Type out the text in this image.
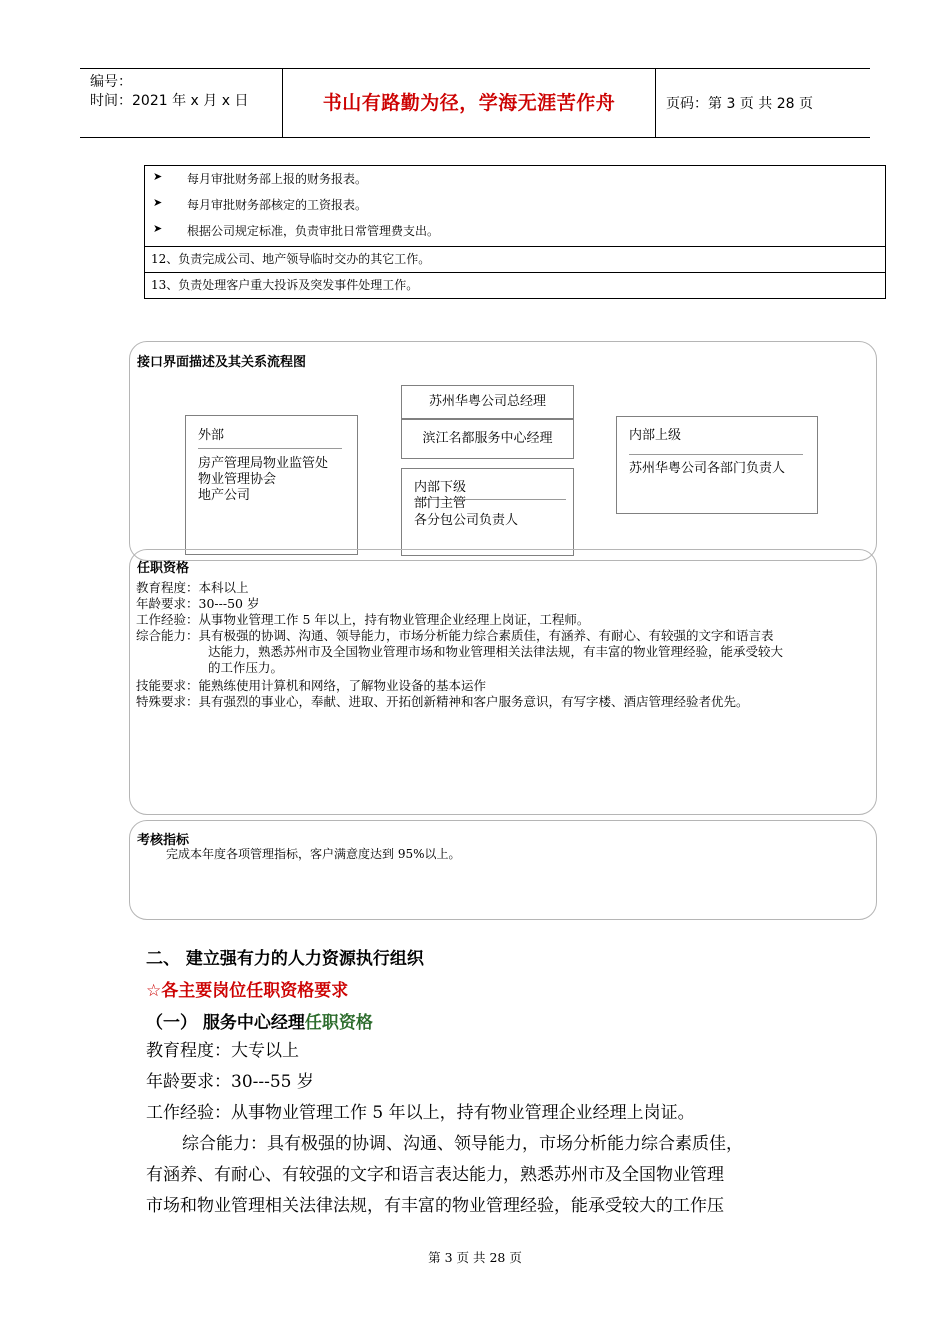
编号：
时间：2021 年 x 月 x 日	书山有路勤为径，学海无涯苦作舟	页码：第 3 页 共 28 页
➤ 每月审批财务部上报的财务报表。
➤ 每月审批财务部核定的工资报表。
➤ 根据公司规定标准，负责审批日常管理费支出。
12、负责完成公司、地产领导临时交办的其它工作。
13、负责处理客户重大投诉及突发事件处理工作。
接口界面描述及其关系流程图
外部
房产管理局物业监管处
物业管理协会
地产公司
苏州华粤公司总经理
滨江名都服务中心经理
内部下级
部门主管
各分包公司负责人
内部上级
苏州华粤公司各部门负责人
任职资格
教育程度：本科以上
年龄要求：30---50 岁
工作经验：从事物业管理工作 5 年以上，持有物业管理企业经理上岗证，工程师。
综合能力：具有极强的协调、沟通、领导能力，市场分析能力综合素质佳，有涵养、有耐心、有较强的文字和语言表
达能力，熟悉苏州市及全国物业管理市场和物业管理相关法律法规，有丰富的物业管理经验，能承受较大
的工作压力。
技能要求：能熟练使用计算机和网络，了解物业设备的基本运作
特殊要求：具有强烈的事业心，奉献、进取、开拓创新精神和客户服务意识，有写字楼、酒店管理经验者优先。
考核指标
完成本年度各项管理指标，客户满意度达到 95%以上。
二、 建立强有力的人力资源执行组织
☆各主要岗位任职资格要求
（一） 服务中心经理任职资格
教育程度：大专以上
年龄要求：30---55 岁
工作经验：从事物业管理工作 5 年以上，持有物业管理企业经理上岗证。
综合能力：具有极强的协调、沟通、领导能力，市场分析能力综合素质佳，
有涵养、有耐心、有较强的文字和语言表达能力，熟悉苏州市及全国物业管理
市场和物业管理相关法律法规，有丰富的物业管理经验，能承受较大的工作压
第 3 页 共 28 页
